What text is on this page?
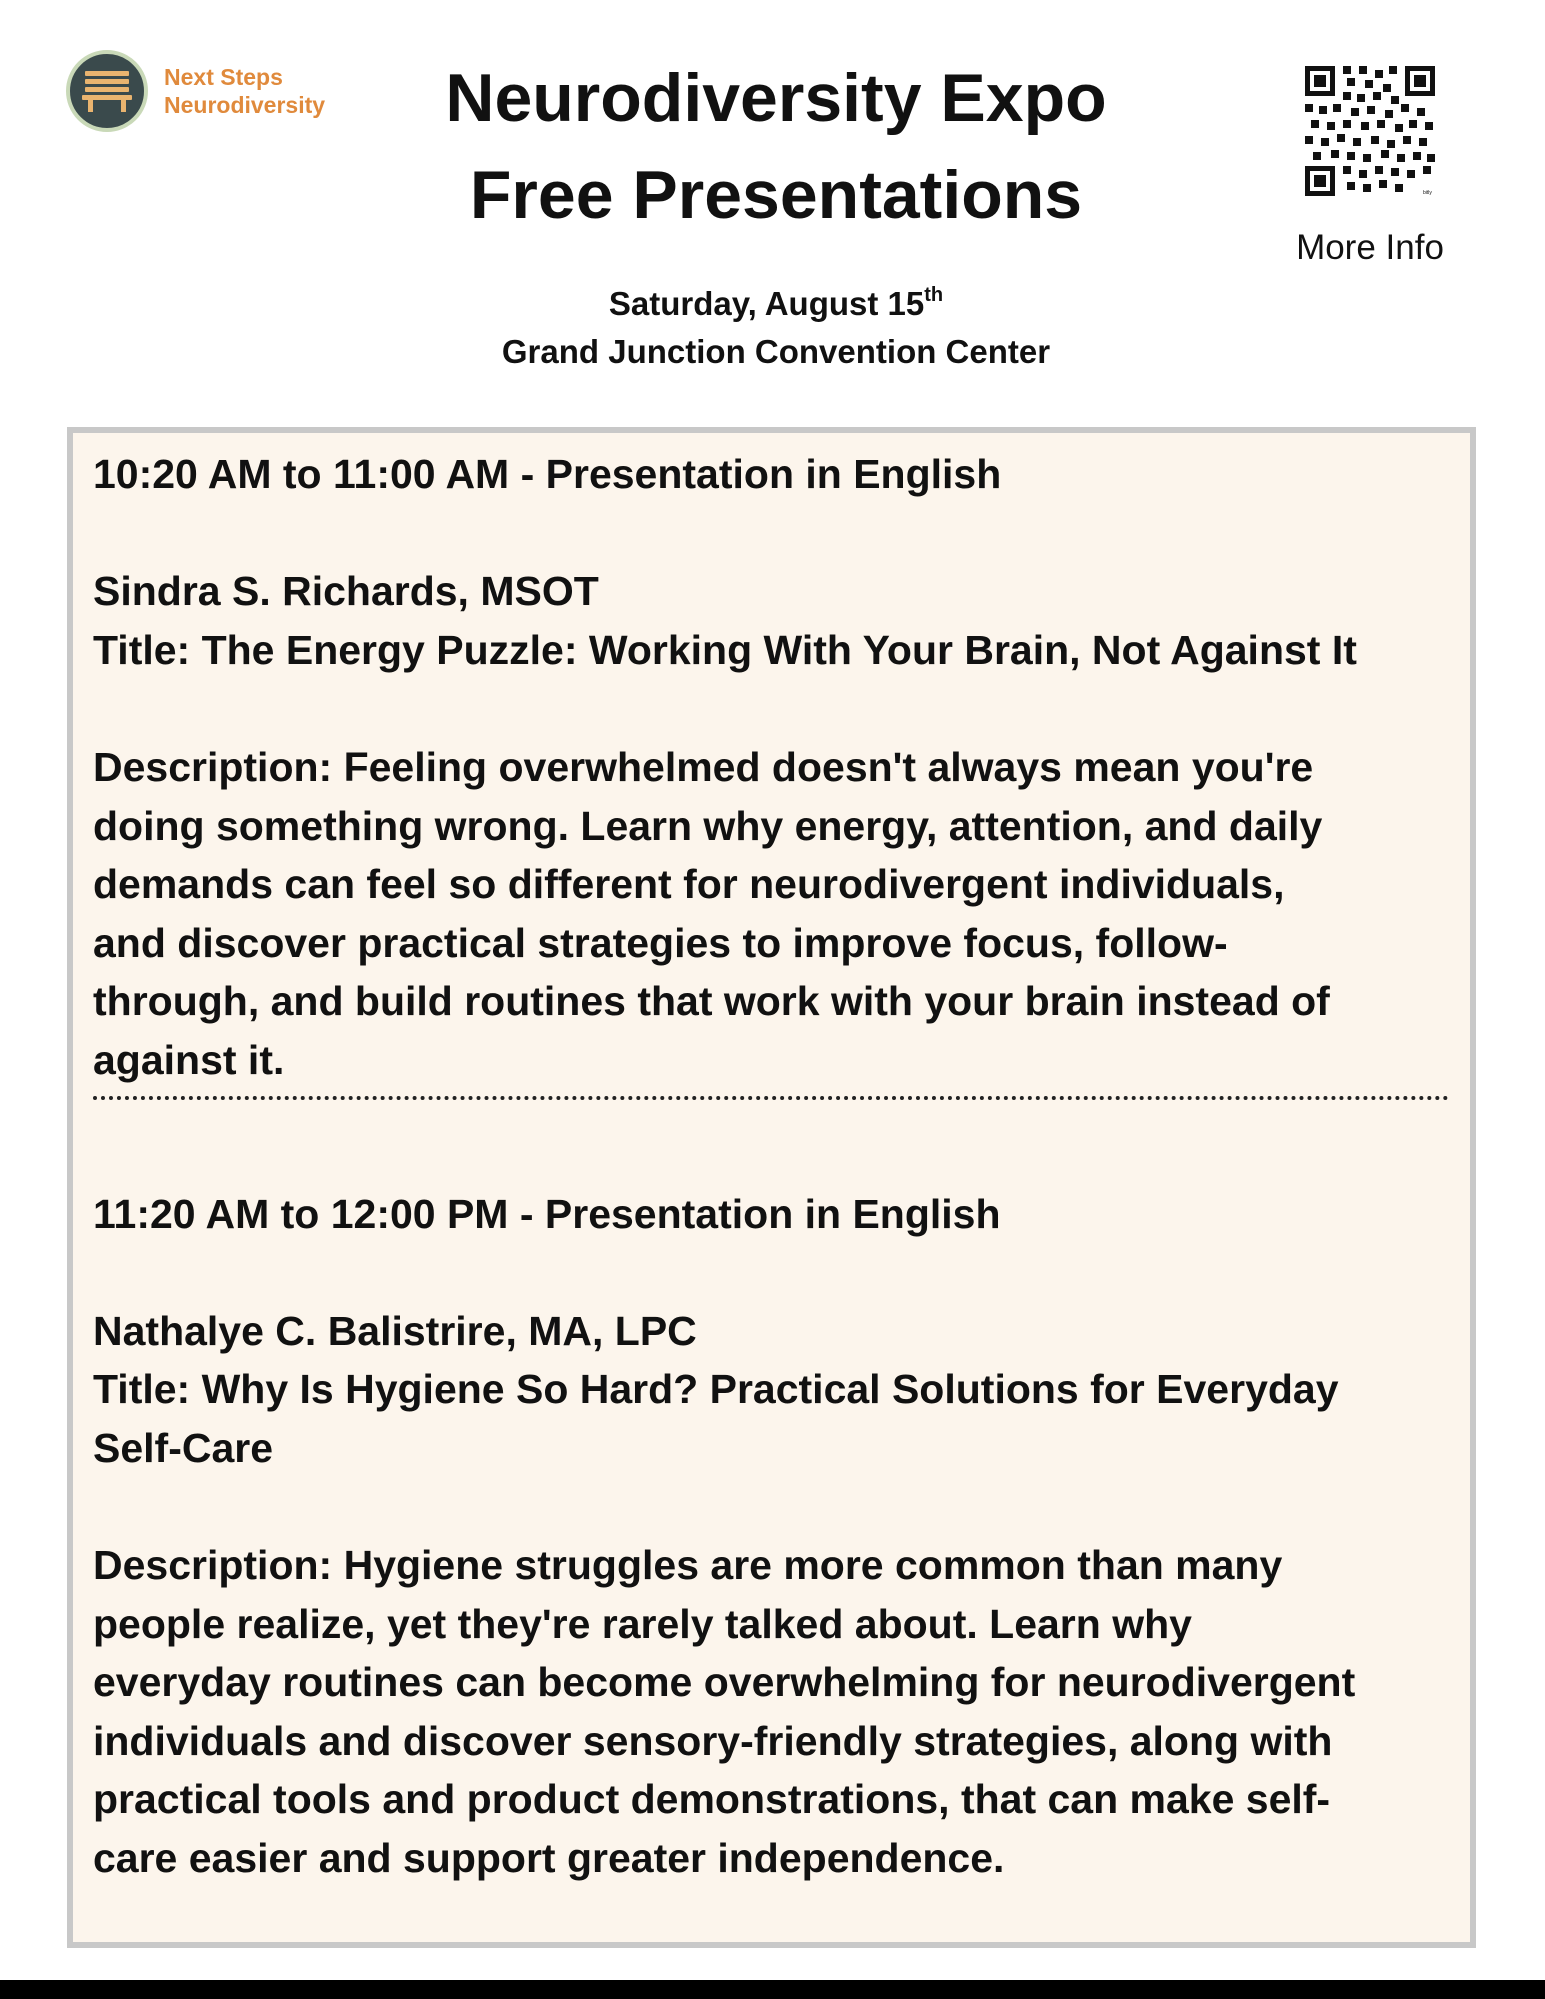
Next Steps
Neurodiversity	Neurodiversity Expo
Free Presentations	bitly
More Info
Saturday, August 15th
Grand Junction Convention Center
10:20 AM to 11:00 AM - Presentation in English
Sindra S. Richards, MSOT
Title: The Energy Puzzle: Working With Your Brain, Not Against It
Description: Feeling overwhelmed doesn't always mean you're
doing something wrong. Learn why energy, attention, and daily
demands can feel so different for neurodivergent individuals,
and discover practical strategies to improve focus, follow-
through, and build routines that work with your brain instead of
against it.
11:20 AM to 12:00 PM - Presentation in English
Nathalye C. Balistrire, MA, LPC
Title: Why Is Hygiene So Hard? Practical Solutions for Everyday
Self-Care
Description: Hygiene struggles are more common than many
people realize, yet they're rarely talked about. Learn why
everyday routines can become overwhelming for neurodivergent
individuals and discover sensory-friendly strategies, along with
practical tools and product demonstrations, that can make self-
care easier and support greater independence.
